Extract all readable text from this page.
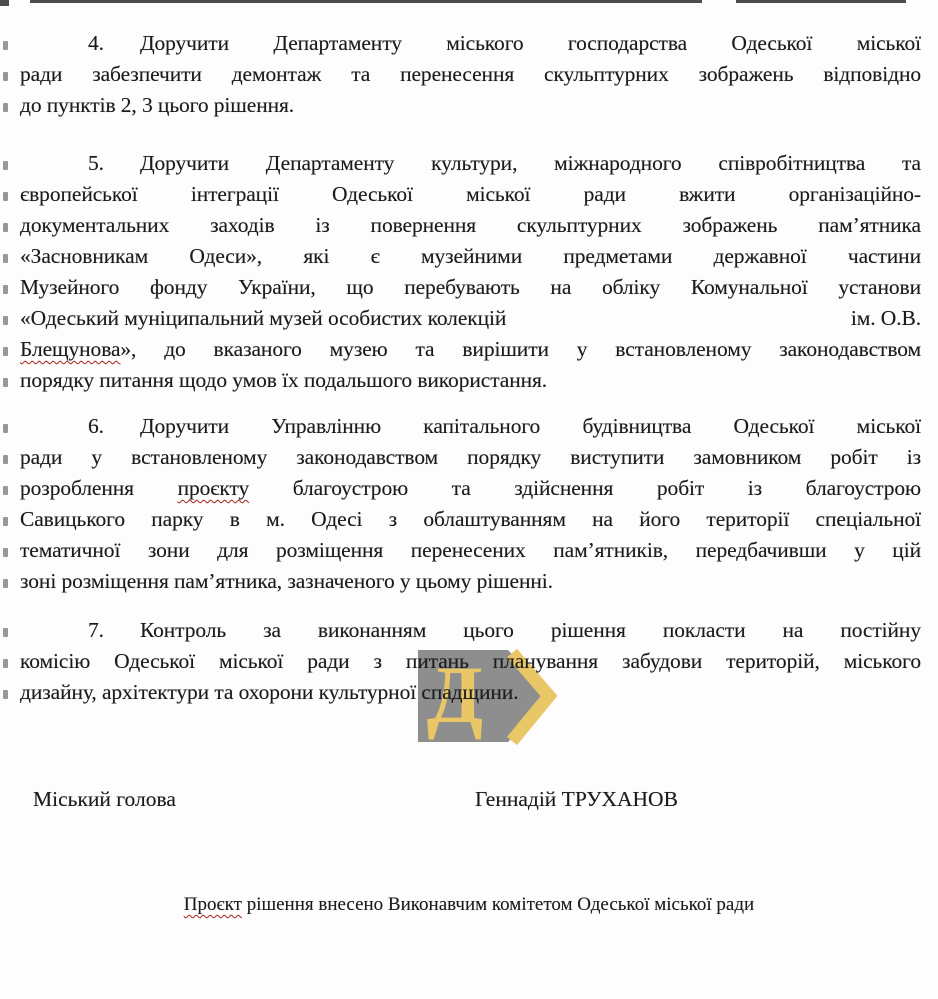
Д
4. Доручити Департаменту міського господарства Одеської міської
ради забезпечити демонтаж та перенесення скульптурних зображень відповідно
до пунктів 2, 3 цього рішення.
5. Доручити Департаменту культури, міжнародного співробітництва та
європейської інтеграції Одеської міської ради вжити організаційно-
документальних заходів із повернення скульптурних зображень пам’ятника
«Засновникам Одеси», які є музейними предметами державної частини
Музейного фонду України, що перебувають на обліку Комунальної установи
«Одеський муніципальний музей особистих колекцій	ім. О.В.
Блещунова», до вказаного музею та вирішити у встановленому законодавством
порядку питання щодо умов їх подальшого використання.
6. Доручити Управлінню капітального будівництва Одеської міської
ради у встановленому законодавством порядку виступити замовником робіт із
розроблення проєкту благоустрою та здійснення робіт із благоустрою
Савицького парку в м. Одесі з облаштуванням на його території спеціальної
тематичної зони для розміщення перенесених пам’ятників, передбачивши у цій
зоні розміщення пам’ятника, зазначеного у цьому рішенні.
7. Контроль за виконанням цього рішення покласти на постійну
комісію Одеської міської ради з питань планування забудови територій, міського
дизайну, архітектури та охорони культурної спадщини.
Міський голова	Геннадій ТРУХАНОВ
Проєкт рішення внесено Виконавчим комітетом Одеської міської ради
